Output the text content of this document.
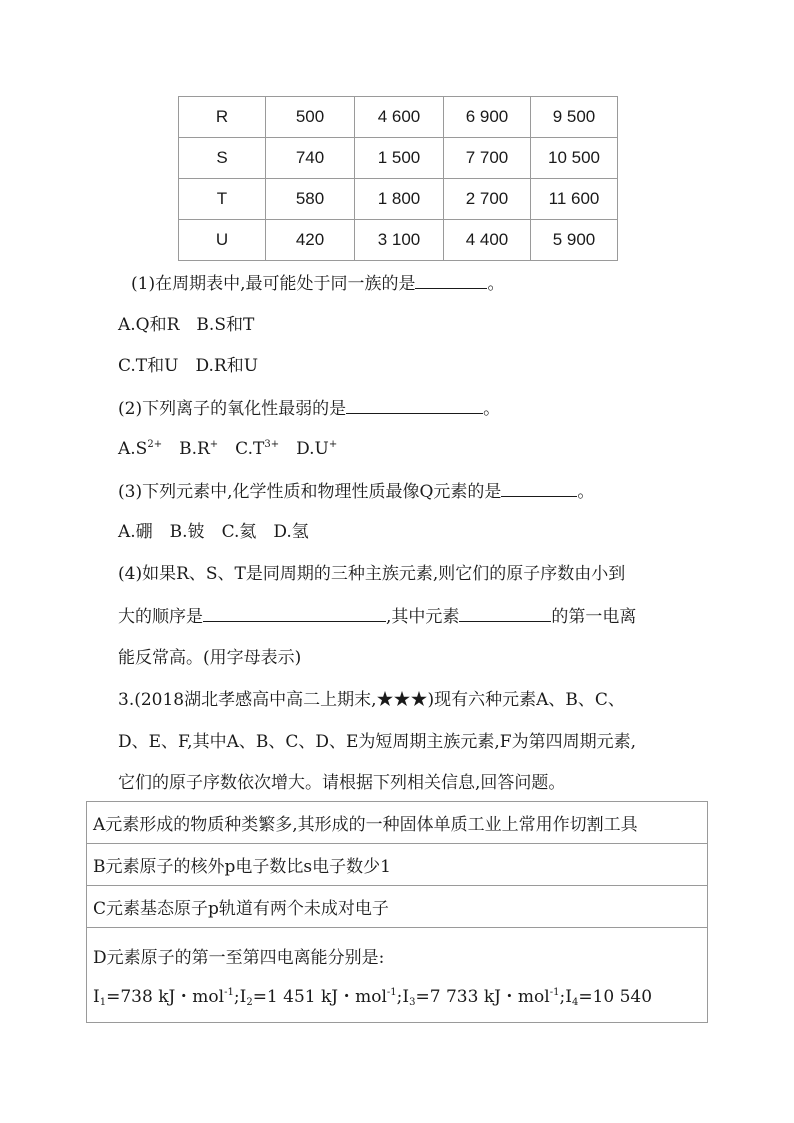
R	500	4 600	6 900	9 500
S	740	1 500	7 700	10 500
T	580	1 800	2 700	11 600
U	420	3 100	4 400	5 900
(1)在周期表中,最可能处于同一族的是	。
A.Q和R　B.S和T
C.T和U　D.R和U
(2)下列离子的氧化性最弱的是	。
$A.S^{2+}$　B.R+　$C.T^{3+}$　D.U+
(3)下列元素中,化学性质和物理性质最像Q元素的是	。
A.硼　B.铍　C.氦　D.氢
(4)如果R、S、T是同周期的三种主族元素,则它们的原子序数由小到
大的顺序是	,其中元素	的第一电离
能反常高。(用字母表示)
3.(2018湖北孝感高中高二上期末,★★★)现有六种元素A、B、C、
D、E、F,其中A、B、C、D、E为短周期主族元素,F为第四周期元素,
它们的原子序数依次增大。请根据下列相关信息,回答问题。
A元素形成的物质种类繁多,其形成的一种固体单质工业上常用作切割工具
B元素原子的核外p电子数比s电子数少1
C元素基态原子p轨道有两个未成对电子
D元素原子的第一至第四电离能分别是:
$I_1=738$ kJ・$mol^{-1};I_2=1$ 451 kJ・$mol^{-1};I_3=7$ 733 kJ・$mol^{-1};I_4=10$ 540
